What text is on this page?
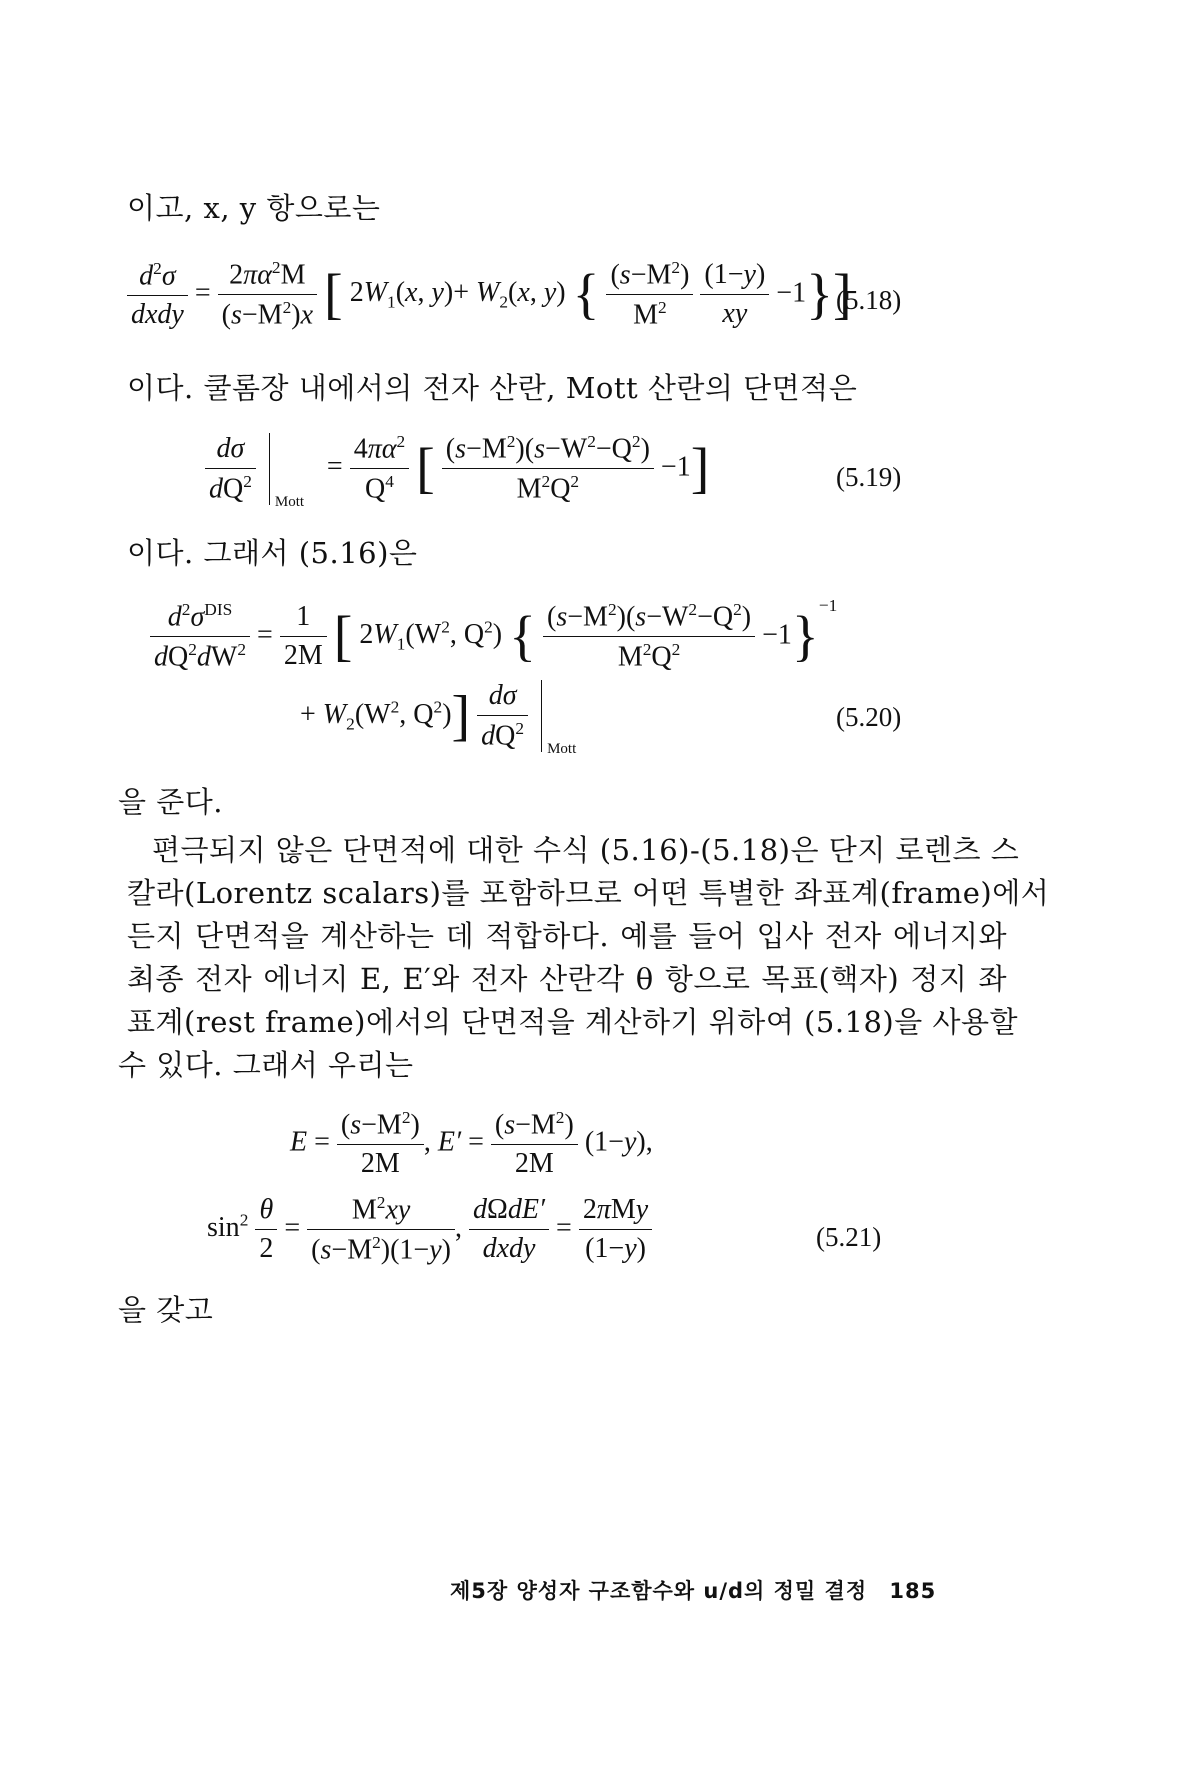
이고, x, y 항으로는
$\frac{d^2\sigma}{\text{dxdy}} = \frac{2\pi\alpha^2M}{(s-M^2)x}$ [ $2W_1(x$, $y)+ W_2(x$, y) { $\frac{(s-M^2)}{M^2}$
$\frac{(1-y)}{xy} -1$}]
(5.18)
이다. 쿨롬장 내에서의 전자 산란, Mott 산란의 단면적은
$\frac{d\sigma}{dQ^2}$
Mott
= $\frac{4\pi\alpha^2}{Q^4}$ [ $\frac{(s-M^2)(s-W^2-Q^2)}{M^2Q^2} -1$]	(5.19)
이다. 그래서 (5.16)은
$\frac{d^2\sigma^{DIS}}{dQ^2dW^2} = \frac{1}{2M}$ [ $2W_1(W^2$, $Q^2$) { $\frac{(s-M^2)(s-W^2-Q^2)}{M^2Q^2} -1\}^{-1}$
+ $W_2(W^2$, $Q^2)] \frac{d\sigma}{dQ^2}$
Mott
(5.20)
을 준다.
편극되지 않은 단면적에 대한 수식 (5.16)-(5.18)은 단지 로렌츠 스
칼라(Lorentz scalars)를 포함하므로 어떤 특별한 좌표계(frame)에서
든지 단면적을 계산하는 데 적합하다. 예를 들어 입사 전자 에너지와
최종 전자 에너지 E, E′와 전자 산란각 θ 항으로 목표(핵자) 정지 좌
표계(rest frame)에서의 단면적을 계산하기 위하여 (5.18)을 사용할
수 있다. 그래서 우리는
$E = \frac{(s-M^2)}{2M}$ , $E' = \frac{(s-M^2)}{2M} (1-y)$,
$\sin^2 \frac{\theta}{2} = \frac{M^2xy}{(s-M^2)(1-y)}$ , $\frac{\text{dΩdE′}}{\text{dxdy}} = \frac{\text{2πMy}}{(1-y)}$	(5.21)
을 갖고
제5장 양성자 구조함수와 u/d의 정밀 결정 185
